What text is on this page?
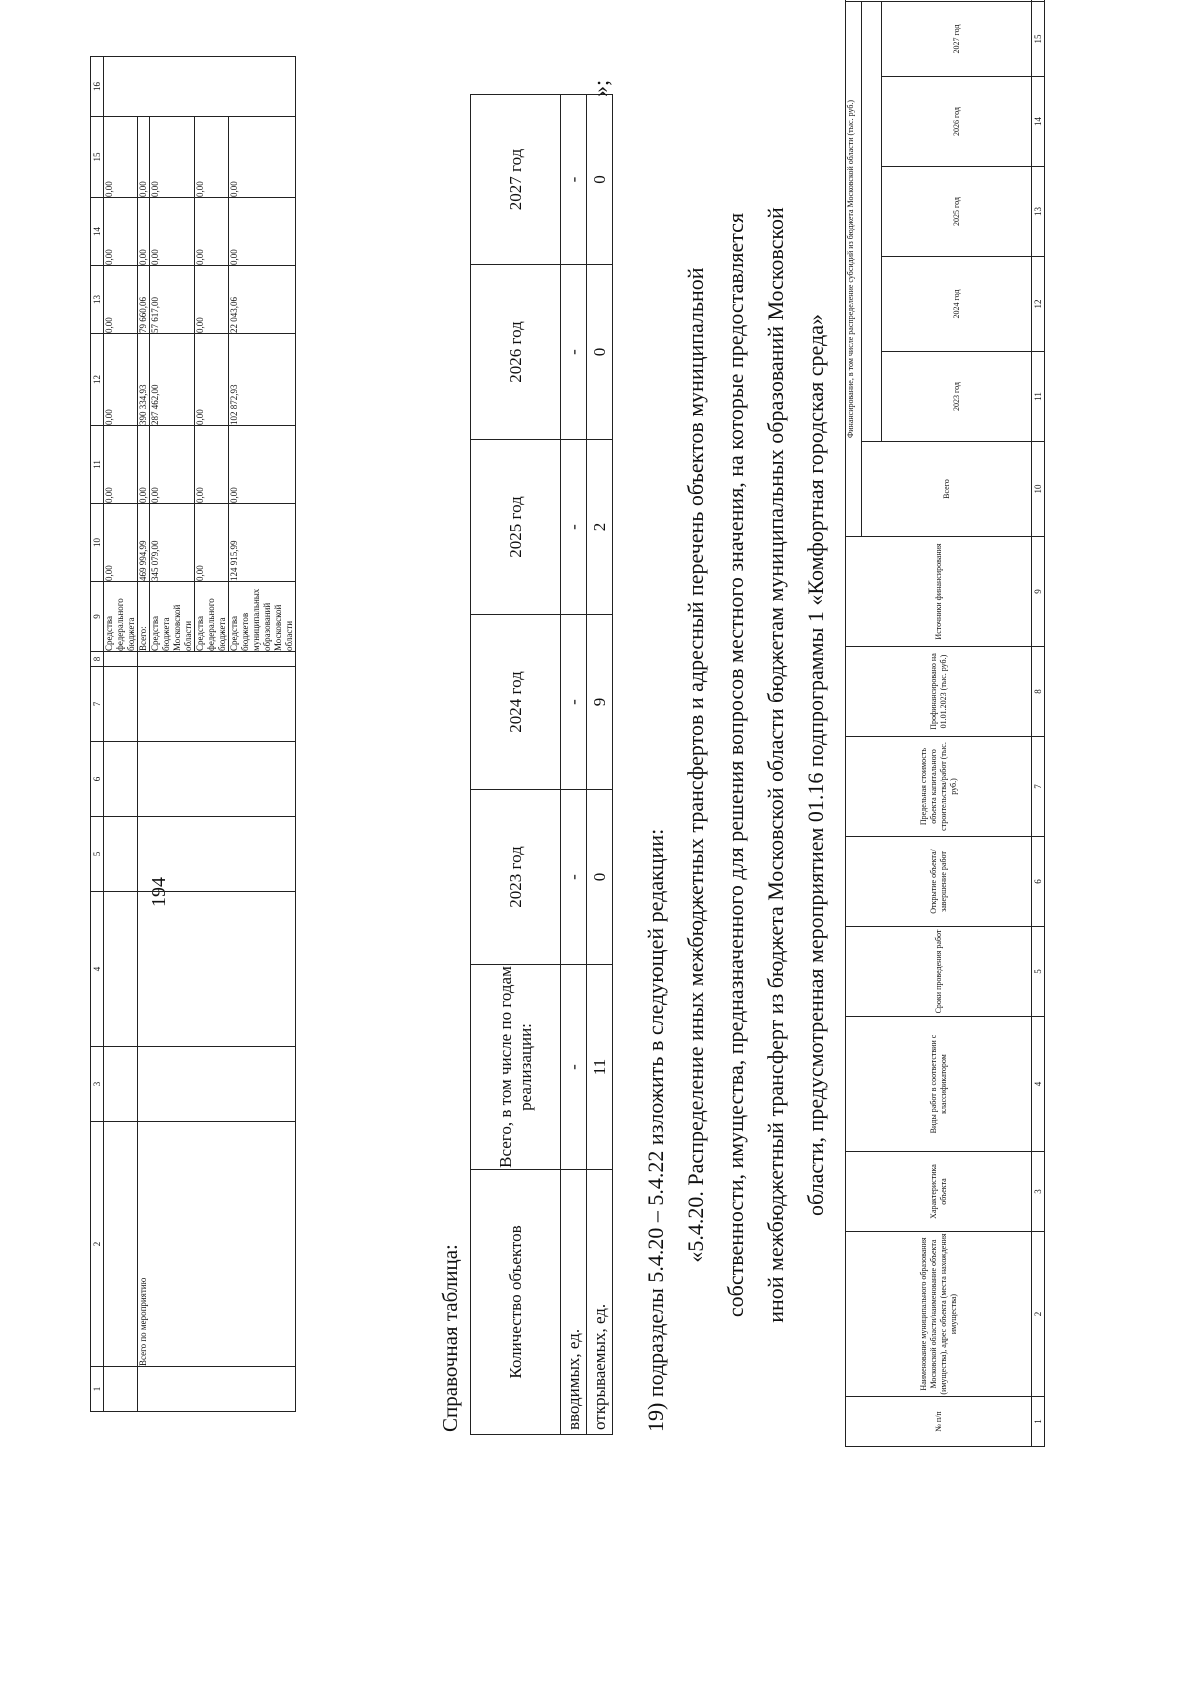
194
1	2	3	4	5	6	7	8	9	10	11	12	13	14	15	16
								Средства федерального бюджета	0,00	0,00	0,00	0,00	0,00	0,00	
	Всего по мероприятию							Всего:	469 994,99	0,00	390 334,93	79 660,06	0,00	0,00	
								Средства бюджета Московской области	345 079,00	0,00	287 462,00	57 617,00	0,00	0,00	
								Средства федерального бюджета	0,00	0,00	0,00	0,00	0,00	0,00	
								Средства бюджетов муниципальных образований Московской области	124 915,99	0,00	102 872,93	22 043,06	0,00	0,00	
Справочная таблица:	Количество объектов	Всего, в том числе по годам реализации:	2023 год	2024 год	2025 год	2026 год	2027 год
вводимых, ед.	-	-	-	-	-	-
открываемых, ед.	11	0	9	2	0	0
»;
19) подразделы 5.4.20 – 5.4.22 изложить в следующей редакции: «5.4.20. Распределение иных межбюджетных трансфертов и адресный перечень объектов муниципальной собственности, имущества, предназначенного для решения вопросов местного значения, на которые предоставляется иной межбюджетный трансферт из бюджета Московской области бюджетам муниципальных образований Московской области, предусмотренная мероприятием 01.16 подпрограммы 1 «Комфортная городская среда»
№ п/п	Наименование муниципального образования Московской области/наименование объекта (имущества), адрес объекта (места нахождения имущества)	Характеристика объекта	Виды работ в соответствии с классификатором	Сроки проведения работ	Открытие объекта/ завершение работ	Предельная стоимость объекта капитального строительства/работ (тыс. руб.)	Профинансировано на 01.01.2023 (тыс. руб.)	Источники финансирования	Финансирование, в том числе распределение субсидий из бюджета Московской области (тыс. руб.)	
									Всего						
										2023 год	2024 год	2025 год	2026 год	2027 год	
1	2	3	4	5	6	7	8	9	10	11	12	13	14	15	
